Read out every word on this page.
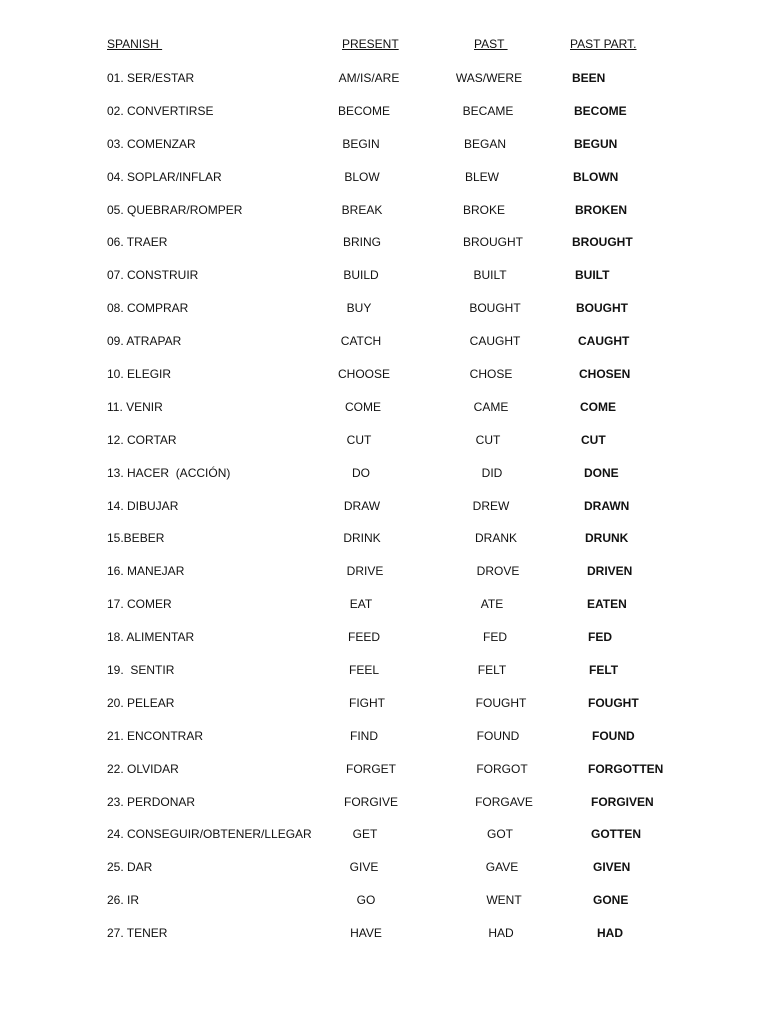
SPANISH	PRESENT	PAST	PAST PART.
01. SER/ESTAR	AM/IS/ARE	WAS/WERE	BEEN
02. CONVERTIRSE	BECOME	BECAME	BECOME
03. COMENZAR	BEGIN	BEGAN	BEGUN
04. SOPLAR/INFLAR	BLOW	BLEW	BLOWN
05. QUEBRAR/ROMPER	BREAK	BROKE	BROKEN
06. TRAER	BRING	BROUGHT	BROUGHT
07. CONSTRUIR	BUILD	BUILT	BUILT
08. COMPRAR	BUY	BOUGHT	BOUGHT
09. ATRAPAR	CATCH	CAUGHT	CAUGHT
10. ELEGIR	CHOOSE	CHOSE	CHOSEN
11. VENIR	COME	CAME	COME
12. CORTAR	CUT	CUT	CUT
13. HACER  (ACCIÓN)	DO	DID	DONE
14. DIBUJAR	DRAW	DREW	DRAWN
15.BEBER	DRINK	DRANK	DRUNK
16. MANEJAR	DRIVE	DROVE	DRIVEN
17. COMER	EAT	ATE	EATEN
18. ALIMENTAR	FEED	FED	FED
19.  SENTIR	FEEL	FELT	FELT
20. PELEAR	FIGHT	FOUGHT	FOUGHT
21. ENCONTRAR	FIND	FOUND	FOUND
22. OLVIDAR	FORGET	FORGOT	FORGOTTEN
23. PERDONAR	FORGIVE	FORGAVE	FORGIVEN
24. CONSEGUIR/OBTENER/LLEGAR	GET	GOT	GOTTEN
25. DAR	GIVE	GAVE	GIVEN
26. IR	GO	WENT	GONE
27. TENER	HAVE	HAD	HAD
